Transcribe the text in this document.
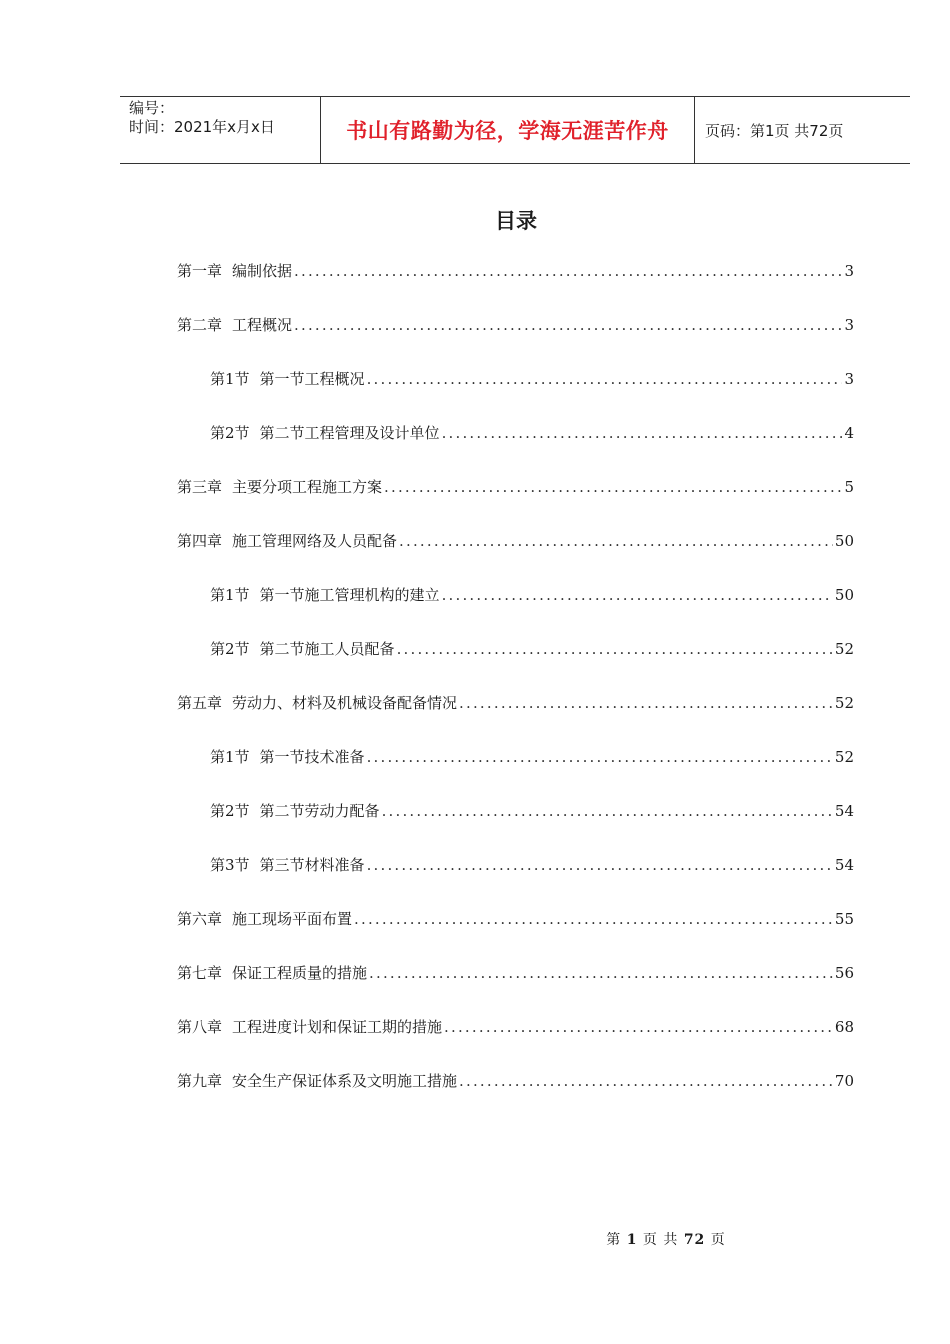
编号：
时间：2021年x月x日	书山有路勤为径，学海无涯苦作舟 页码：第1页 共72页
目录
第一章 编制依据 .....	3
第二章 工程概况 .....	3
第1节 第一节工程概况 .....	3
第2节 第二节工程管理及设计单位 .....	4
第三章 主要分项工程施工方案 .....	5
第四章 施工管理网络及人员配备 .....	50
第1节 第一节施工管理机构的建立 .....	50
第2节 第二节施工人员配备 .....	52
第五章 劳动力、材料及机械设备配备情况 .....	52
第1节 第一节技术准备 .....	52
第2节 第二节劳动力配备 .....	54
第3节 第三节材料准备 .....	54
第六章 施工现场平面布置 .....	55
第七章 保证工程质量的措施 .....	56
第八章 工程进度计划和保证工期的措施 .....	68
第九章 安全生产保证体系及文明施工措施 .....	70
第 1 页 共 72 页
